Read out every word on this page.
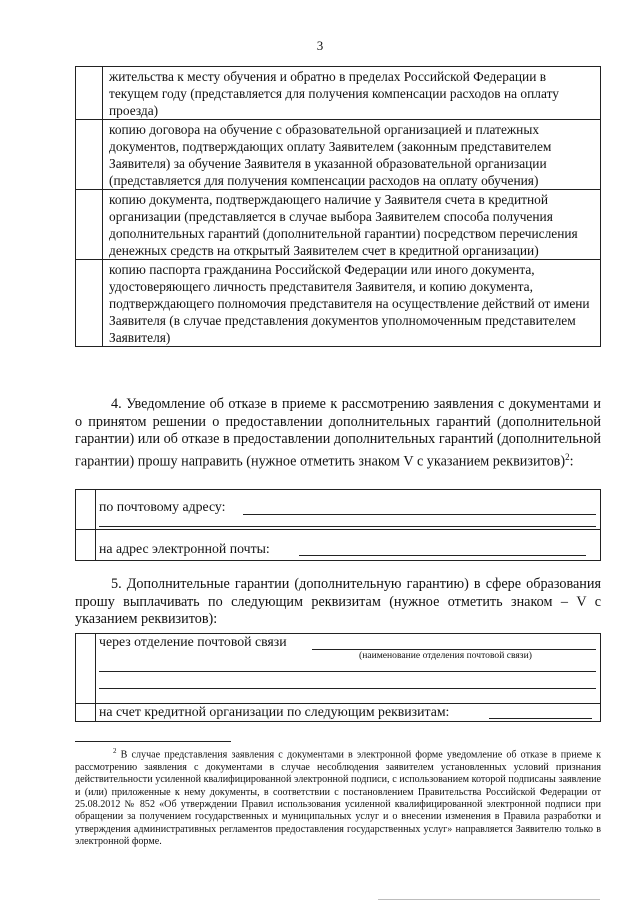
3
	жительства к месту обучения и обратно в пределах Российской Федерации в текущем году (представляется для получения компенсации расходов на оплату проезда)
	копию договора на обучение с образовательной организацией и платежных документов, подтверждающих оплату Заявителем (законным представителем Заявителя) за обучение Заявителя в указанной образовательной организации (представляется для получения компенсации расходов на оплату обучения)
	копию документа, подтверждающего наличие у Заявителя счета в кредитной организации (представляется в случае выбора Заявителем способа получения дополнительных гарантий (дополнительной гарантии) посредством перечисления денежных средств на открытый Заявителем счет в кредитной организации)
	копию паспорта гражданина Российской Федерации или иного документа, удостоверяющего личность представителя Заявителя, и копию документа, подтверждающего полномочия представителя на осуществление действий от имени Заявителя (в случае представления документов уполномоченным представителем Заявителя)

4. Уведомление об отказе в приеме к рассмотрению заявления с документами и о принятом решении о предоставлении дополнительных гарантий (дополнительной гарантии) или об отказе в предоставлении дополнительных гарантий (дополнительной гарантии) прошу направить (нужное отметить знаком V с указанием реквизитов)$^2$:

по почтовому адресу:
на адрес электронной почты:

5. Дополнительные гарантии (дополнительную гарантию) в сфере образования прошу выплачивать по следующим реквизитам (нужное отметить знаком – V с указанием реквизитов):

через отделение почтовой связи
(наименование отделения почтовой связи)
на счет кредитной организации по следующим реквизитам:

$^2$ В случае представления заявления с документами в электронной форме уведомление об отказе в приеме к рассмотрению заявления с документами в случае несоблюдения заявителем установленных условий признания действительности усиленной квалифицированной электронной подписи, с использованием которой подписаны заявление и (или) приложенные к нему документы, в соответствии с постановлением Правительства Российской Федерации от 25.08.2012 № 852 «Об утверждении Правил использования усиленной квалифицированной электронной подписи при обращении за получением государственных и муниципальных услуг и о внесении изменения в Правила разработки и утверждения административных регламентов предоставления государственных услуг» направляется Заявителю только в электронной форме.
